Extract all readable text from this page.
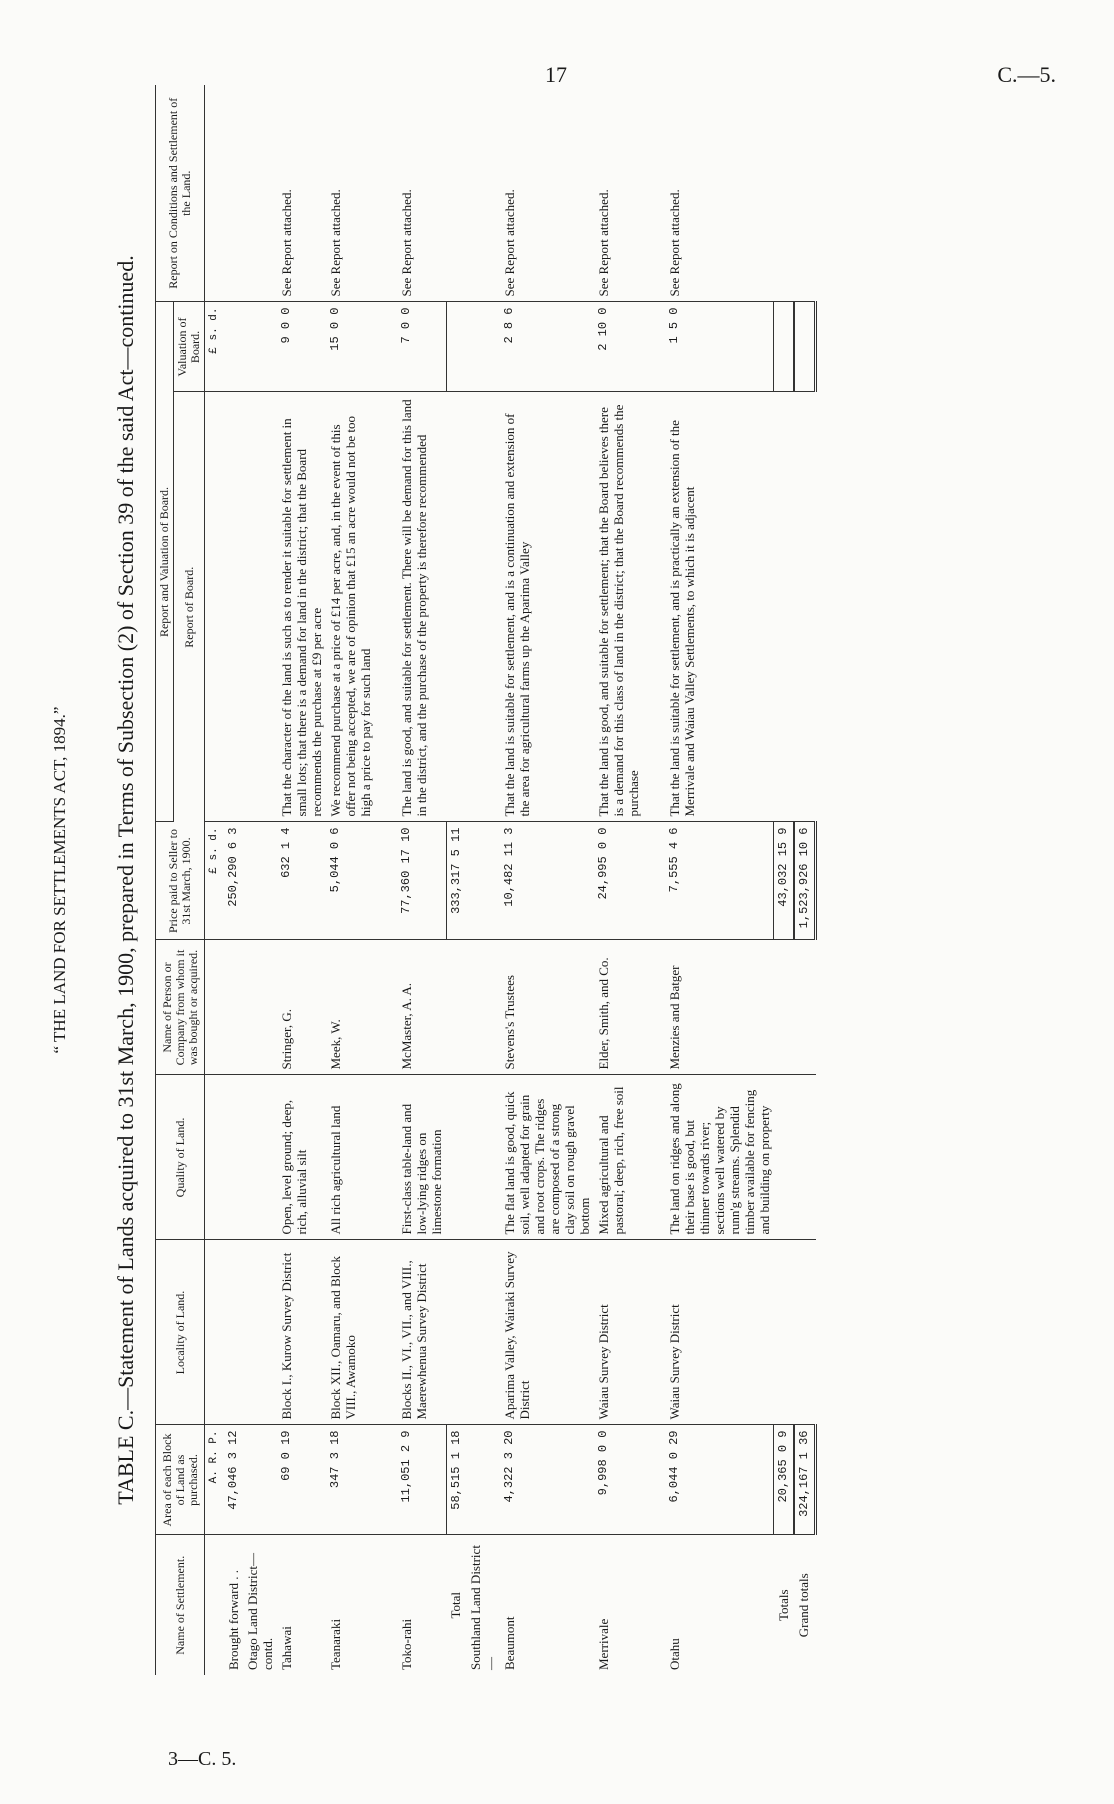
17	C.—5.
TABLE C.—Statement of Lands acquired to 31st March, 1900, prepared in Terms of Subsection (2) of Section 39 of the said Act—continued.
“ THE LAND FOR SETTLEMENTS ACT, 1894.”
Name of Settlement.	Area of each Block of Land as purchased.	Locality of Land.	Quality of Land.	Name of Person or Company from whom it was bought or acquired.	Price paid to Seller to 31st March, 1900.	Report and Valuation of Board.		Report on Conditions and Settlement of the Land.
						Report of Board.	Valuation of Board.	
	A. R. P.				£ s. d.		£ s. d.	
Brought forward . .	47,046 3 12				250,290 6 3			
Otago Land District—contd.								
Tahawai	69 0 19	Block I., Kurow Survey District	Open, level ground; deep, rich, alluvial silt	Stringer, G.	632 1 4	That the character of the land is such as to render it suitable for settlement in small lots; that there is a demand for land in the district; that the Board recommends the purchase at £9 per acre	9 0 0	See Report attached.
Teanaraki	347 3 18	Block XII., Oamaru, and Block VIII., Awamoko	All rich agricultural land	Meek, W.	5,044 0 6	We recommend purchase at a price of £14 per acre, and, in the event of this offer not being accepted, we are of opinion that £15 an acre would not be too high a price to pay for such land	15 0 0	See Report attached.

Toko-rahi	11,051 2 9	Blocks II., VI., VII., and VIII., Maerewhenua Survey District	First-class table-land and low-lying ridges on limestone formation	McMaster, A. A.	77,360 17 10	The land is good, and suitable for settlement. There will be demand for this land in the district, and the purchase of the property is therefore recommended	7 0 0	See Report attached.
Total	58,515 1 18				333,317 5 11			
Southland Land District—								
Beaumont	4,322 3 20	Aparima Valley, Wairaki Survey District	The flat land is good, quick soil, well adapted for grain and root crops. The ridges are composed of a strong clay soil on rough gravel bottom	Stevens's Trustees	10,482 11 3	That the land is suitable for settlement, and is a continuation and extension of the area for agricultural farms up the Aparima Valley	2 8 6	See Report attached.
Merrivale	9,998 0 0	Waiau Survey District	Mixed agricultural and pastoral; deep, rich, free soil	Elder, Smith, and Co.	24,995 0 0	That the land is good, and suitable for settlement; that the Board believes there is a demand for this class of land in the district; that the Board recommends the purchase	2 10 0	See Report attached.

Otahu	6,044 0 29	Waiau Survey District	The land on ridges and along their base is good, but thinner towards river; sections well watered by runn'g streams. Splendid timber available for fencing and building on property	Menzies and Batger	7,555 4 6	That the land is suitable for settlement, and is practically an extension of the Merrivale and Waiau Valley Settlements, to which it is adjacent	1 5 0	See Report attached.
Totals	20,365 0 9				43,032 15 9			
Grand totals	324,167 1 36				1,523,926 10 6			
3—C. 5.
